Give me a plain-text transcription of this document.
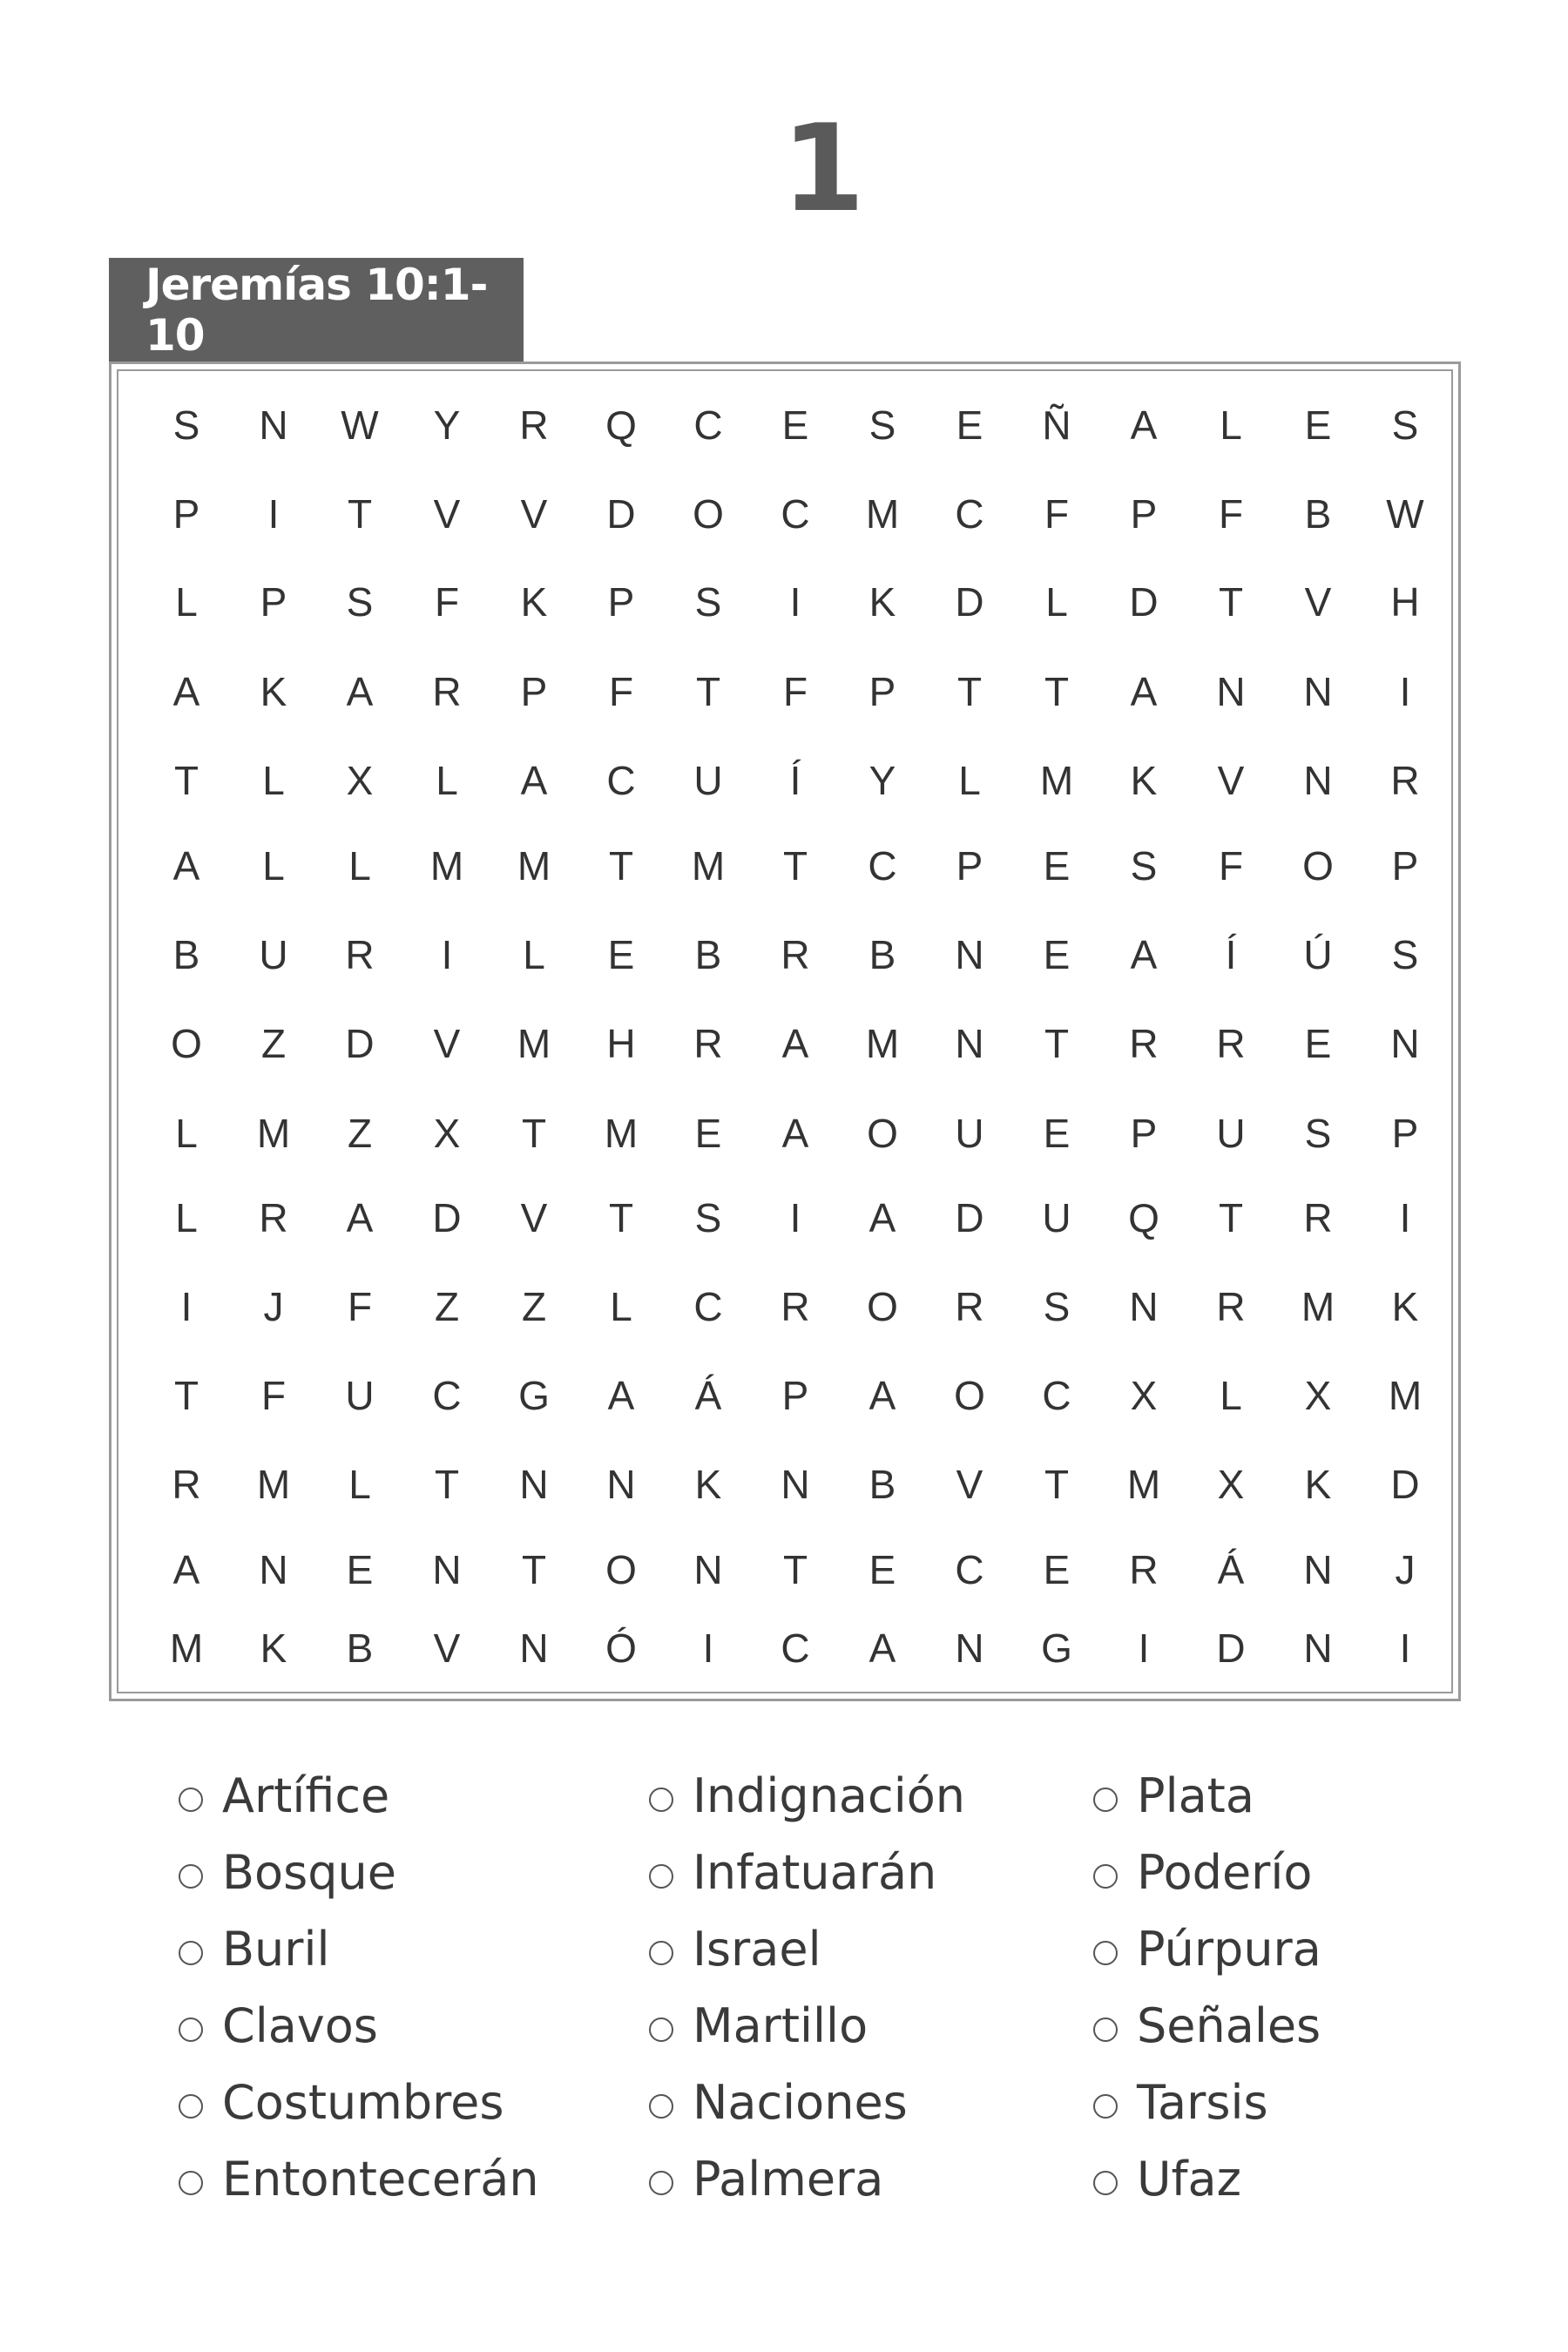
1
Jeremías 10:1-10
S	N	W	Y	R	Q	C	E	S	E	Ñ	A	L	E	S
P	I	T	V	V	D	O	C	M	C	F	P	F	B	W
L	P	S	F	K	P	S	I	K	D	L	D	T	V	H
A	K	A	R	P	F	T	F	P	T	T	A	N	N	I
T	L	X	L	A	C	U	Í	Y	L	M	K	V	N	R
A	L	L	M	M	T	M	T	C	P	E	S	F	O	P
B	U	R	I	L	E	B	R	B	N	E	A	Í	Ú	S
O	Z	D	V	M	H	R	A	M	N	T	R	R	E	N
L	M	Z	X	T	M	E	A	O	U	E	P	U	S	P
L	R	A	D	V	T	S	I	A	D	U	Q	T	R	I
I	J	F	Z	Z	L	C	R	O	R	S	N	R	M	K
T	F	U	C	G	A	Á	P	A	O	C	X	L	X	M
R	M	L	T	N	N	K	N	B	V	T	M	X	K	D
A	N	E	N	T	O	N	T	E	C	E	R	Á	N	J
M	K	B	V	N	Ó	I	C	A	N	G	I	D	N	I
Artífice
Bosque
Buril
Clavos
Costumbres
Entontecerán
Indignación
Infatuarán
Israel
Martillo
Naciones
Palmera
Plata
Poderío
Púrpura
Señales
Tarsis
Ufaz
